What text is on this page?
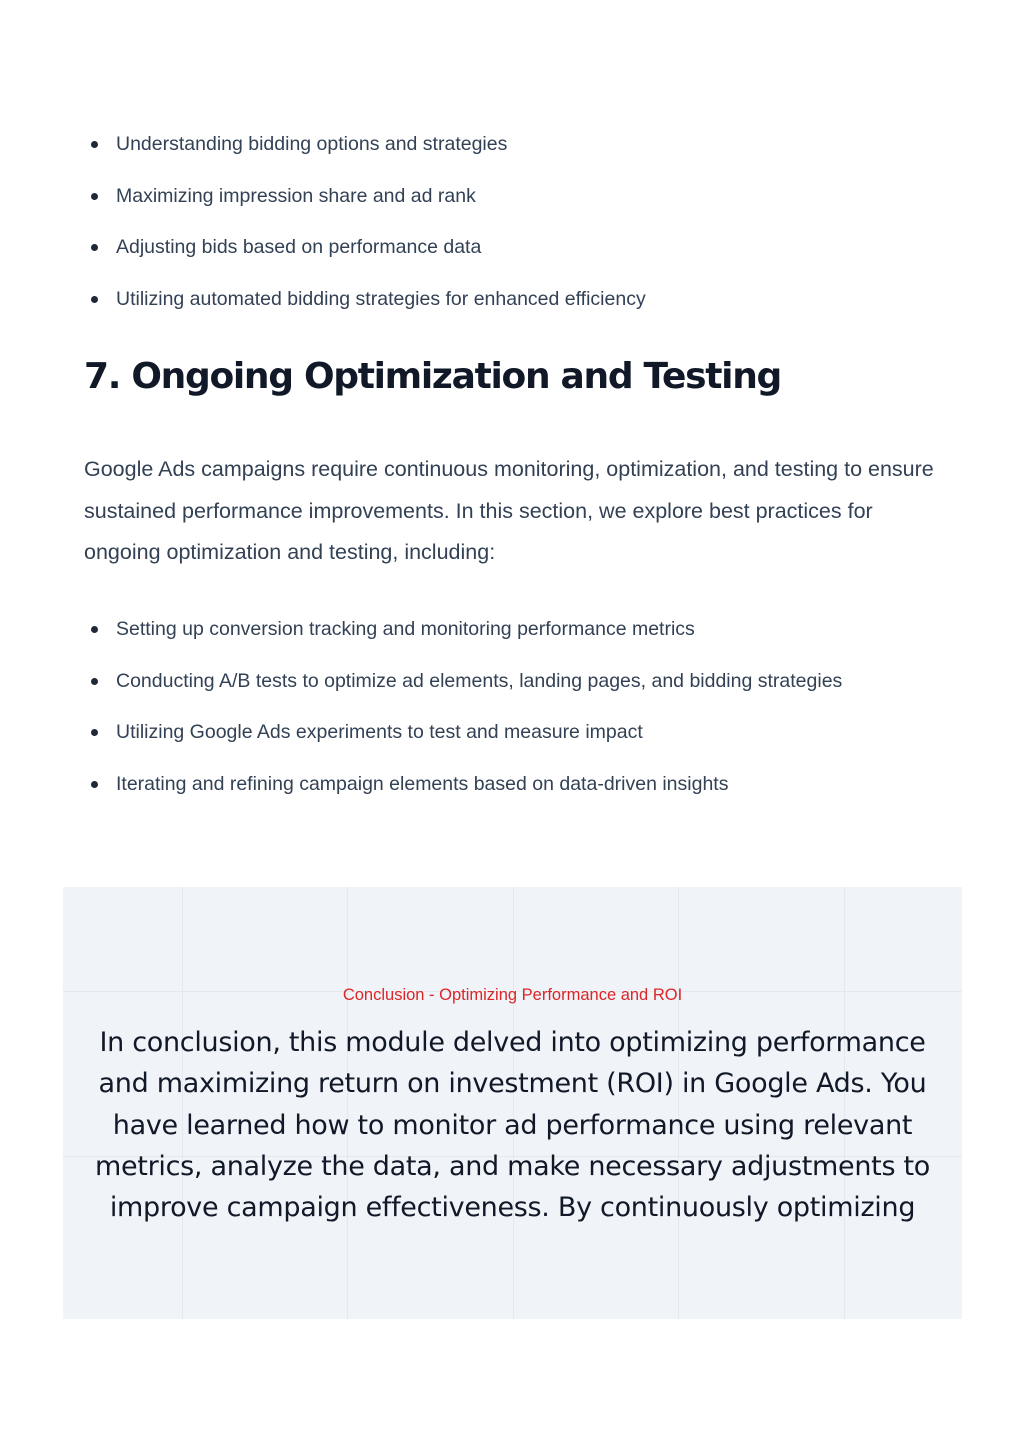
Understanding bidding options and strategies
Maximizing impression share and ad rank
Adjusting bids based on performance data
Utilizing automated bidding strategies for enhanced efficiency
7. Ongoing Optimization and Testing

Google Ads campaigns require continuous monitoring, optimization, and testing to ensure sustained performance improvements. In this section, we explore best practices for ongoing optimization and testing, including:

Setting up conversion tracking and monitoring performance metrics
Conducting A/B tests to optimize ad elements, landing pages, and bidding strategies
Utilizing Google Ads experiments to test and measure impact
Iterating and refining campaign elements based on data-driven insights
Conclusion - Optimizing Performance and ROI

In conclusion, this module delved into optimizing performance and maximizing return on investment (ROI) in Google Ads. You have learned how to monitor ad performance using relevant metrics, analyze the data, and make necessary adjustments to improve campaign effectiveness. By continuously optimizing
